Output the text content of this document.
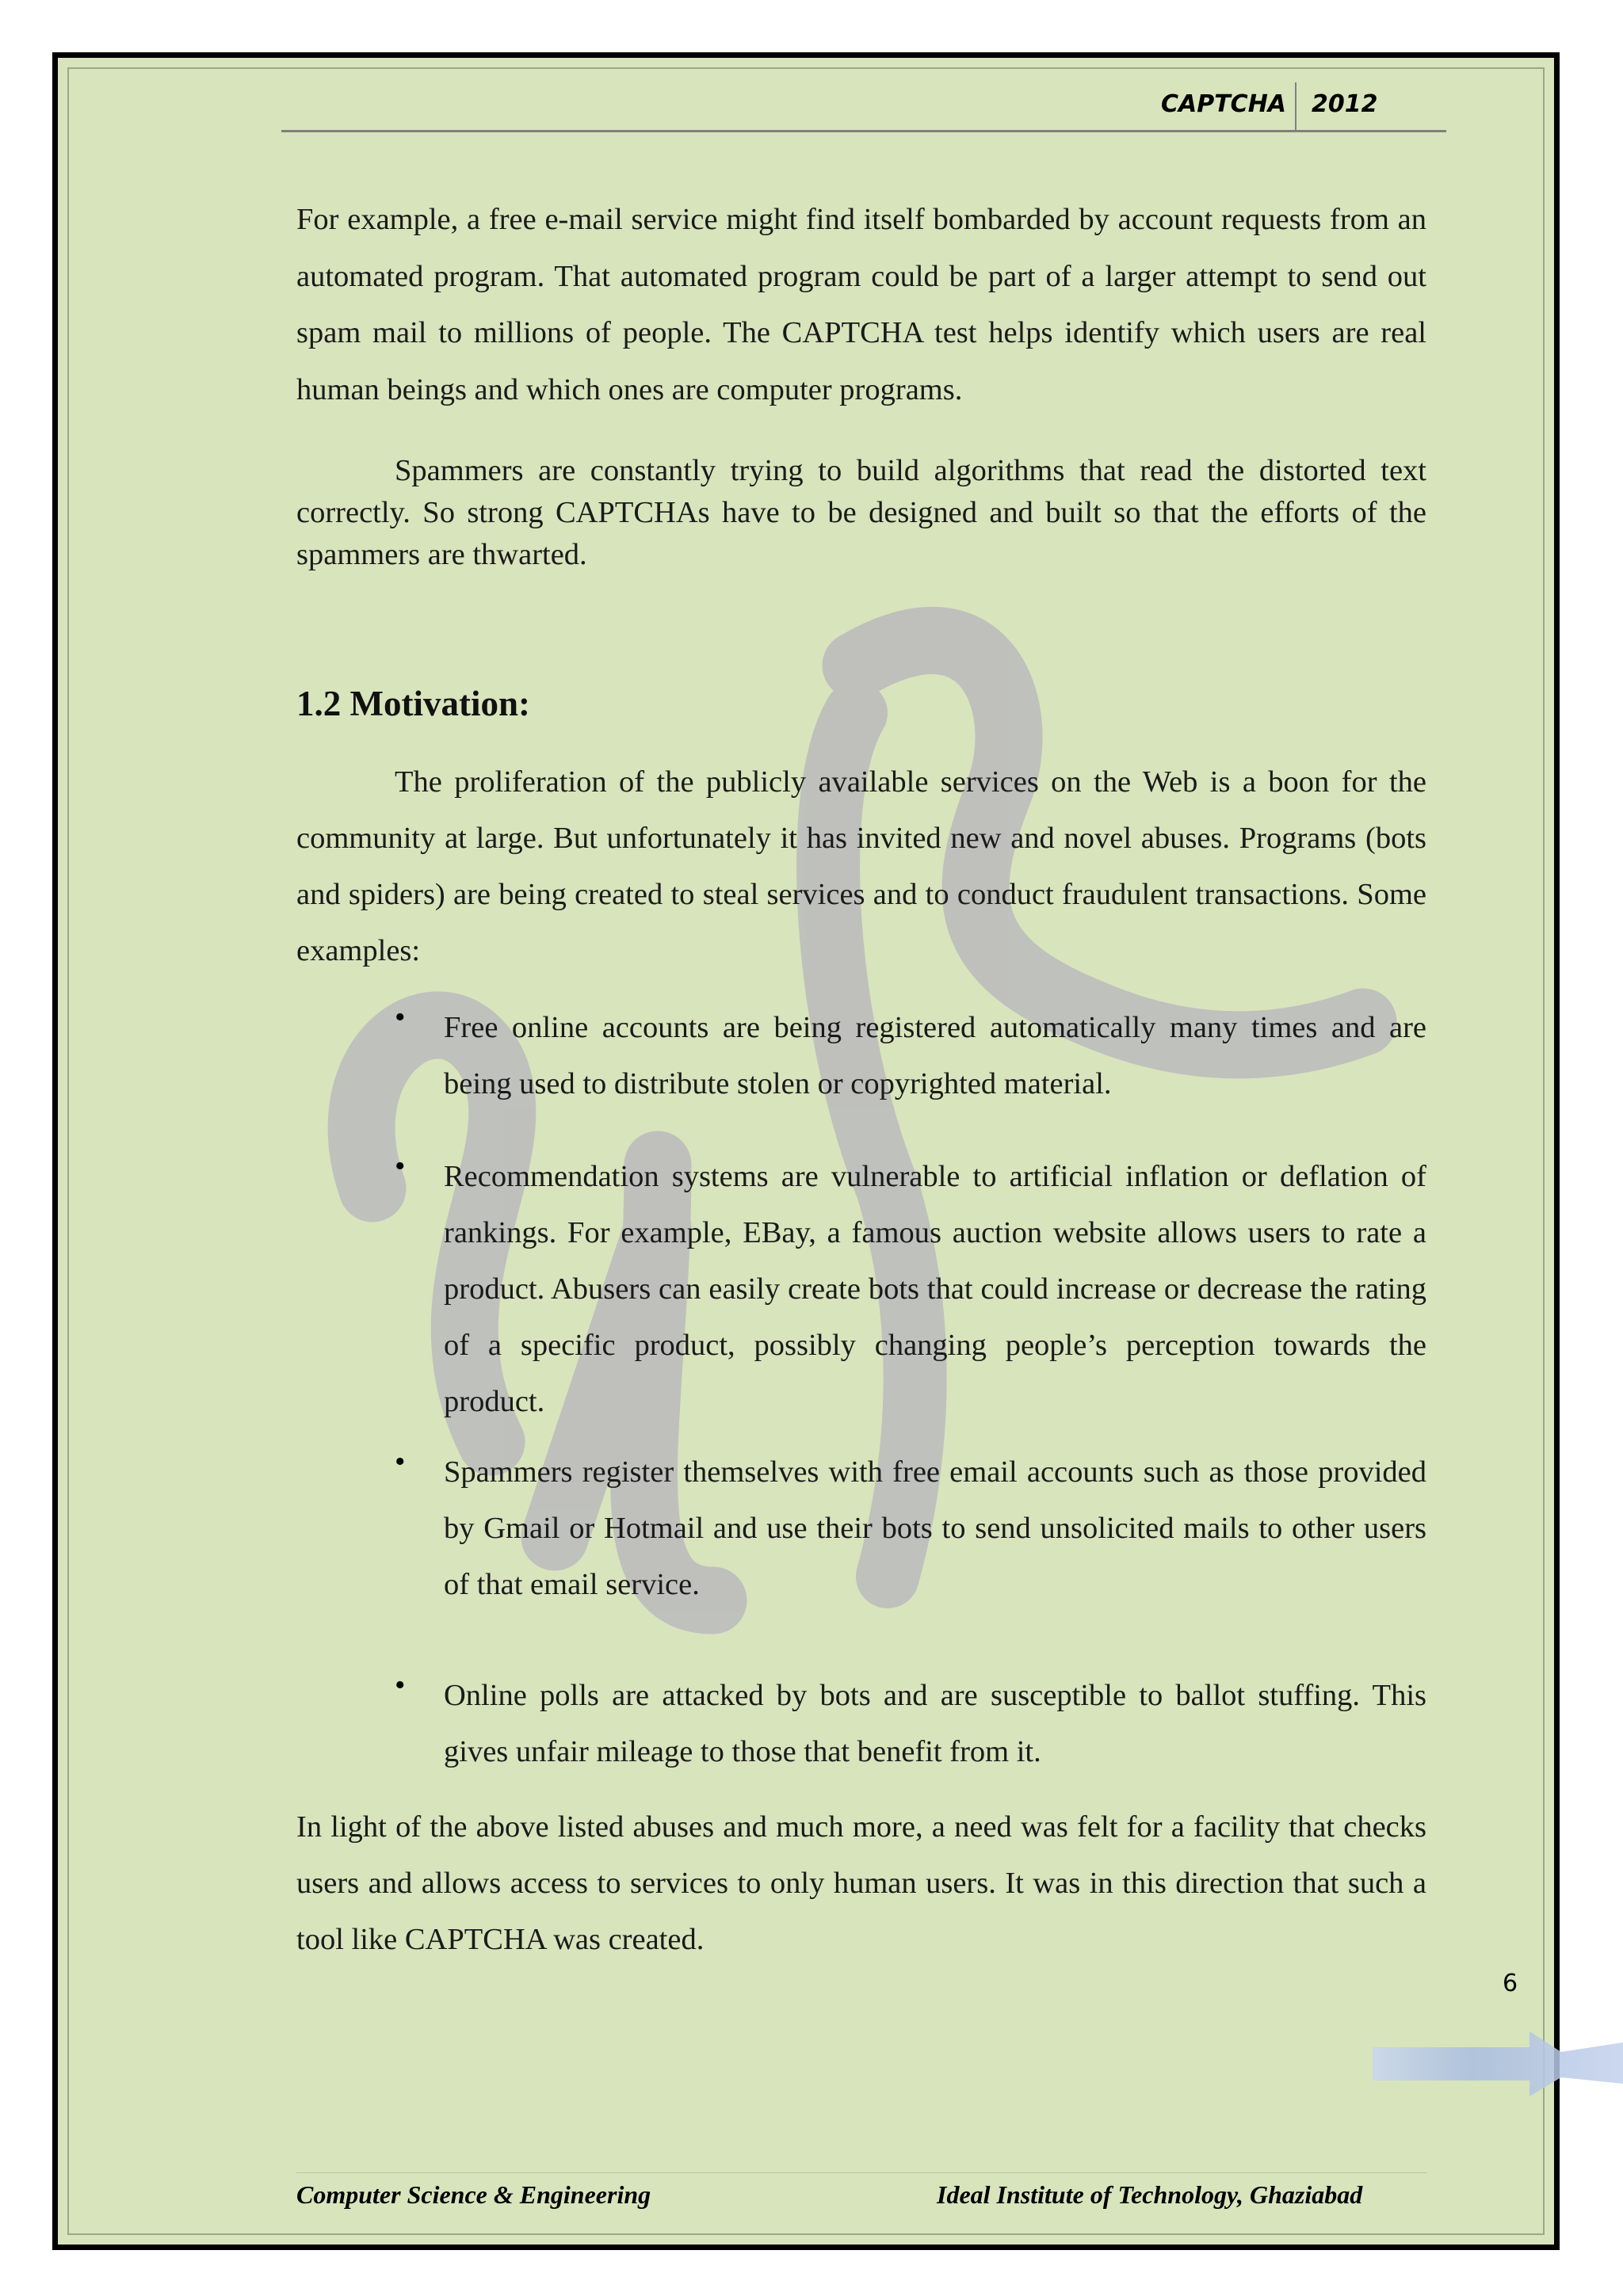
CAPTCHA 2012

For example, a free e-mail service might find itself bombarded by account requests from an automated program. That automated program could be part of a larger attempt to send out spam mail to millions of people. The CAPTCHA test helps identify which users are real human beings and which ones are computer programs.

Spammers are constantly trying to build algorithms that read the distorted text correctly. So strong CAPTCHAs have to be designed and built so that the efforts of the spammers are thwarted.

1.2 Motivation:

The proliferation of the publicly available services on the Web is a boon for the community at large. But unfortunately it has invited new and novel abuses. Programs (bots and spiders) are being created to steal services and to conduct fraudulent transactions. Some examples:

• Free online accounts are being registered automatically many times and are being used to distribute stolen or copyrighted material.

• Recommendation systems are vulnerable to artificial inflation or deflation of rankings. For example, EBay, a famous auction website allows users to rate a product. Abusers can easily create bots that could increase or decrease the rating of a specific product, possibly changing people’s perception towards the product.

• Spammers register themselves with free email accounts such as those provided by Gmail or Hotmail and use their bots to send unsolicited mails to other users of that email service.

• Online polls are attacked by bots and are susceptible to ballot stuffing. This gives unfair mileage to those that benefit from it.

In light of the above listed abuses and much more, a need was felt for a facility that checks users and allows access to services to only human users. It was in this direction that such a tool like CAPTCHA was created.

6
Computer Science & Engineering	Ideal Institute of Technology, Ghaziabad
